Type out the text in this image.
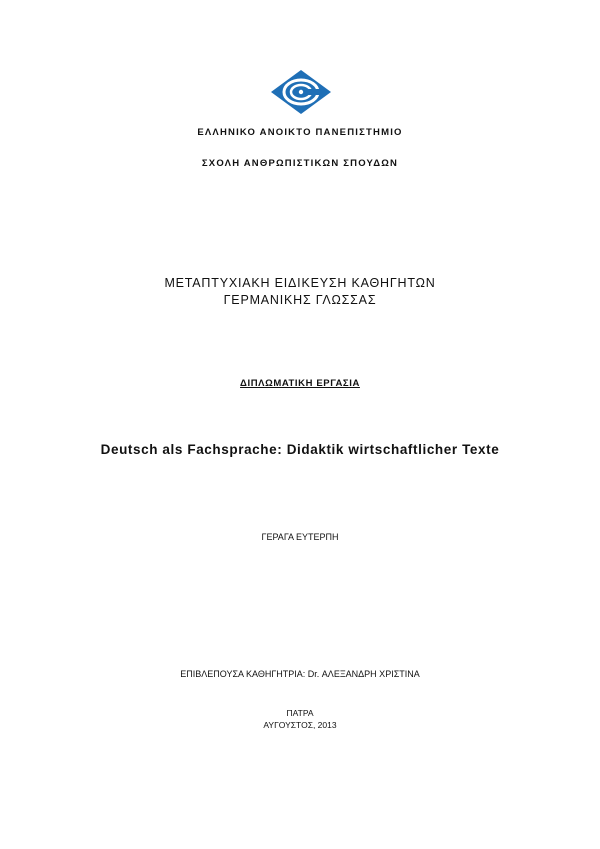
ΕΛΛΗΝΙΚΟ ΑΝΟΙΚΤΟ ΠΑΝΕΠΙΣΤΗΜΙΟ
ΣΧΟΛΗ ΑΝΘΡΩΠΙΣΤΙΚΩΝ ΣΠΟΥΔΩΝ
ΜΕΤΑΠΤΥΧΙΑΚΗ ΕΙΔΙΚΕΥΣΗ ΚΑΘΗΓΗΤΩΝ
ΓΕΡΜΑΝΙΚΗΣ ΓΛΩΣΣΑΣ
ΔΙΠΛΩΜΑΤΙΚΗ ΕΡΓΑΣΙΑ
Deutsch als Fachsprache: Didaktik wirtschaftlicher Texte
ΓΕΡΑΓΑ ΕΥΤΕΡΠΗ
ΕΠΙΒΛΕΠΟΥΣΑ ΚΑΘΗΓΗΤΡΙΑ: Dr. ΑΛΕΞΑΝΔΡΗ ΧΡΙΣΤΙΝΑ
ΠΑΤΡΑ
ΑΥΓΟΥΣΤΟΣ, 2013
